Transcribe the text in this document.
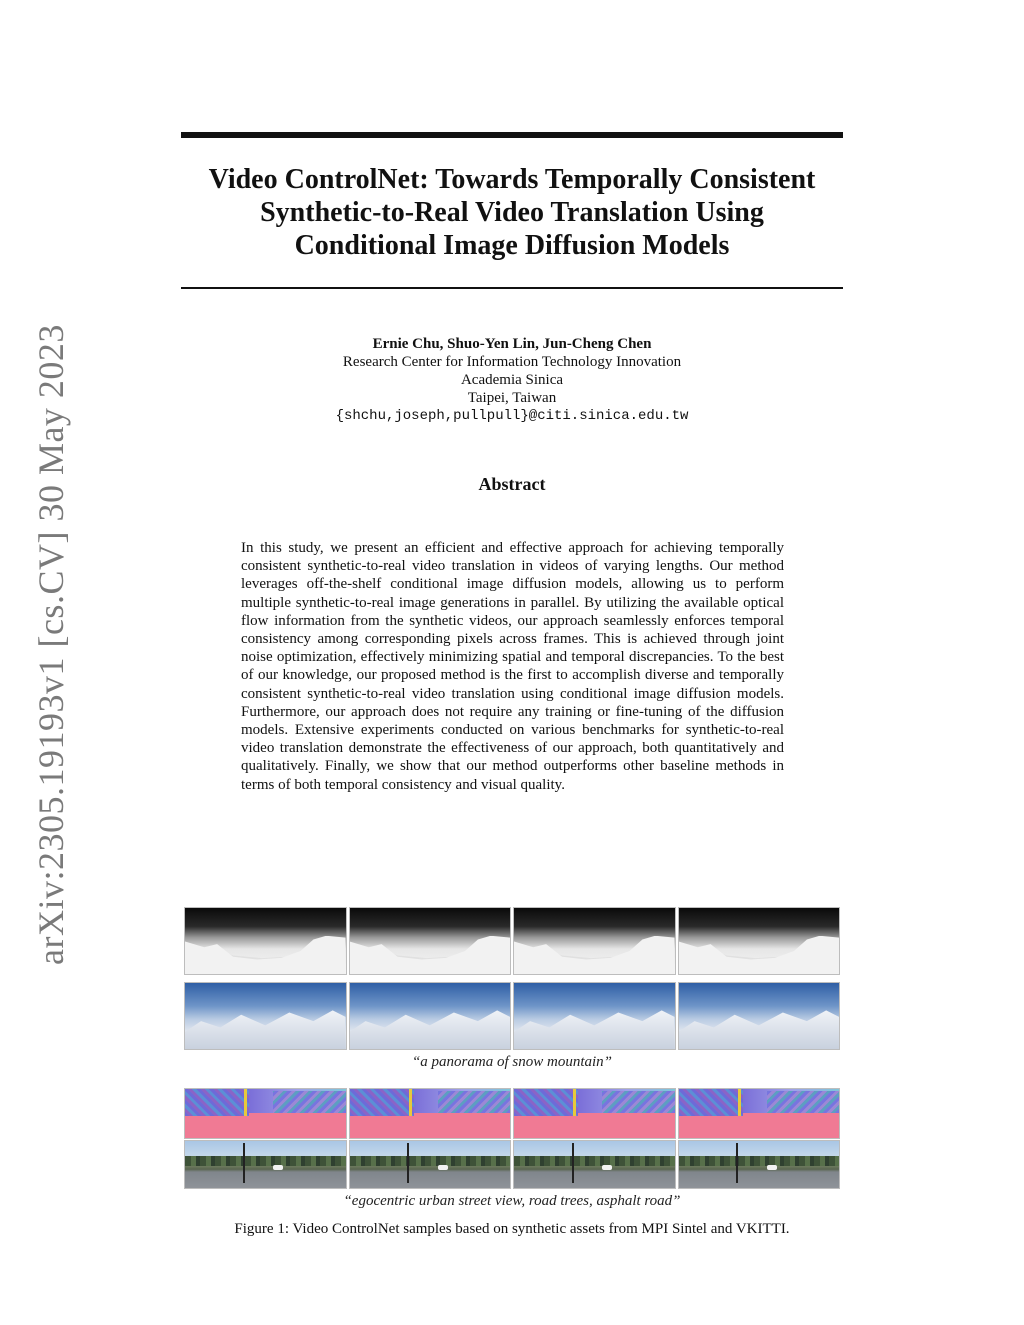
arXiv:2305.19193v1 [cs.CV] 30 May 2023
Video ControlNet: Towards Temporally Consistent
Synthetic-to-Real Video Translation Using
Conditional Image Diffusion Models
Ernie Chu, Shuo-Yen Lin, Jun-Cheng Chen
Research Center for Information Technology Innovation
Academia Sinica
Taipei, Taiwan
{shchu,joseph,pullpull}@citi.sinica.edu.tw
Abstract
In this study, we present an efficient and effective approach for achieving temporally consistent synthetic-to-real video translation in videos of varying lengths. Our method leverages off-the-shelf conditional image diffusion models, allowing us to perform multiple synthetic-to-real image generations in parallel. By utilizing the available optical flow information from the synthetic videos, our approach seamlessly enforces temporal consistency among corresponding pixels across frames. This is achieved through joint noise optimization, effectively minimizing spatial and temporal discrepancies. To the best of our knowledge, our proposed method is the first to accomplish diverse and temporally consistent synthetic-to-real video translation using conditional image diffusion models. Furthermore, our approach does not require any training or fine-tuning of the diffusion models. Extensive experiments conducted on various benchmarks for synthetic-to-real video translation demonstrate the effectiveness of our approach, both quantitatively and qualitatively. Finally, we show that our method outperforms other baseline methods in terms of both temporal consistency and visual quality.
“a panorama of snow mountain”
“egocentric urban street view, road trees, asphalt road”
Figure 1: Video ControlNet samples based on synthetic assets from MPI Sintel and VKITTI.
